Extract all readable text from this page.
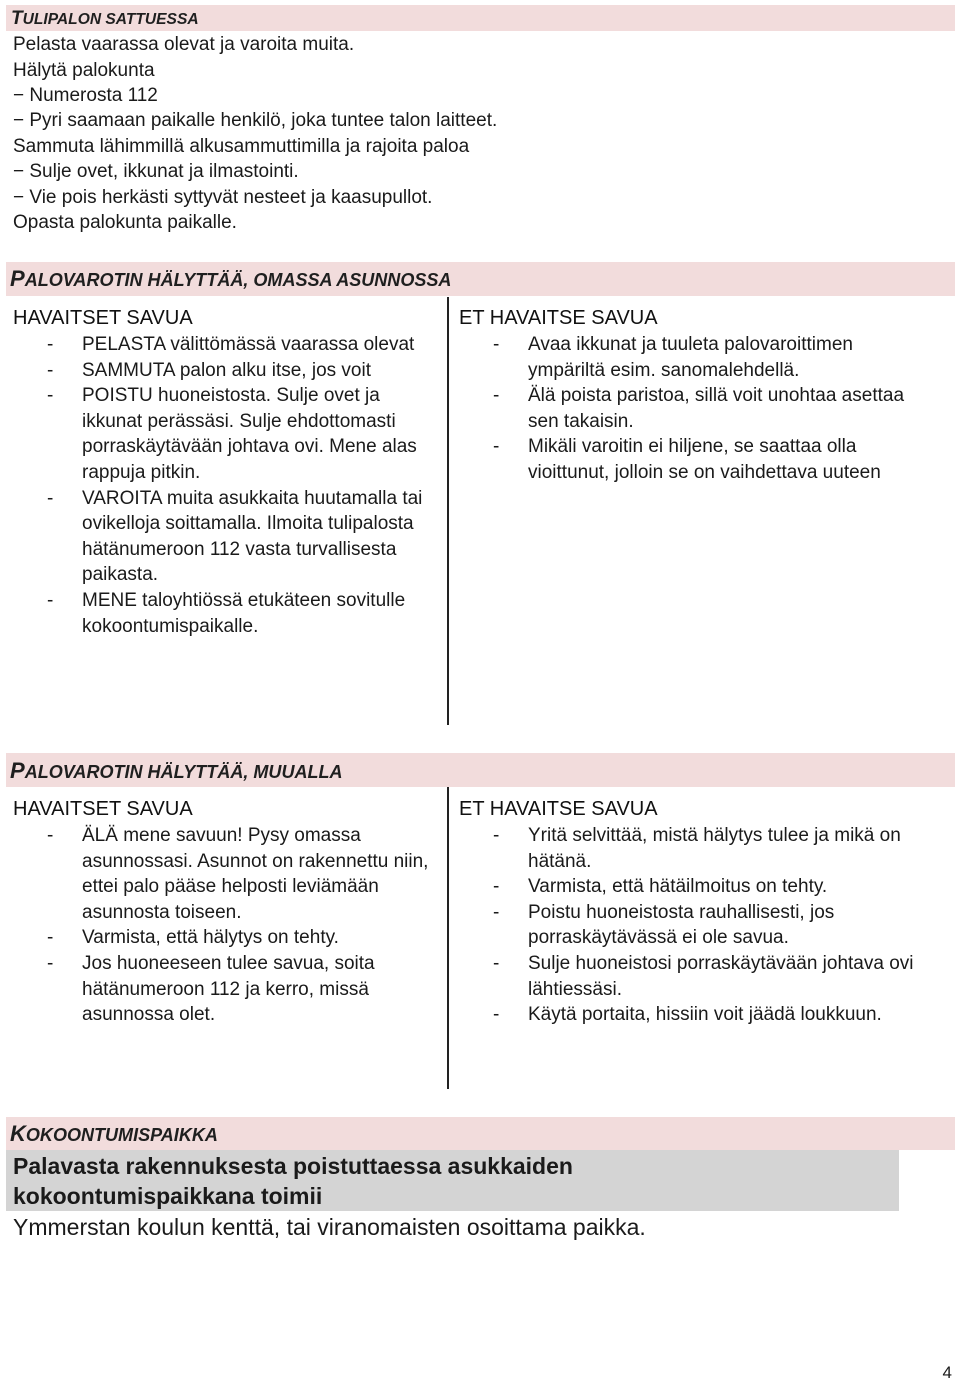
TULIPALON SATTUESSA
Pelasta vaarassa olevat ja varoita muita.
Hälytä palokunta
− Numerosta 112
− Pyri saamaan paikalle henkilö, joka tuntee talon laitteet.
Sammuta lähimmillä alkusammuttimilla ja rajoita paloa
− Sulje ovet, ikkunat ja ilmastointi.
− Vie pois herkästi syttyvät nesteet ja kaasupullot.
Opasta palokunta paikalle.
PALOVAROTIN HÄLYTTÄÄ, OMASSA ASUNNOSSA
HAVAITSET SAVUA
- PELASTA välittömässä vaarassa olevat
- SAMMUTA palon alku itse, jos voit
- POISTU huoneistosta. Sulje ovet ja ikkunat perässäsi. Sulje ehdottomasti porraskäytävään johtava ovi. Mene alas rappuja pitkin.
- VAROITA muita asukkaita huutamalla tai ovikelloja soittamalla. Ilmoita tulipalosta hätänumeroon 112 vasta turvallisesta paikasta.
- MENE taloyhtiössä etukäteen sovitulle kokoontumispaikalle.
ET HAVAITSE SAVUA
- Avaa ikkunat ja tuuleta palovaroittimen ympäriltä esim. sanomalehdellä.
- Älä poista paristoa, sillä voit unohtaa asettaa sen takaisin.
- Mikäli varoitin ei hiljene, se saattaa olla vioittunut, jolloin se on vaihdettava uuteen
PALOVAROTIN HÄLYTTÄÄ, MUUALLA
HAVAITSET SAVUA
- ÄLÄ mene savuun! Pysy omassa asunnossasi. Asunnot on rakennettu niin, ettei palo pääse helposti leviämään asunnosta toiseen.
- Varmista, että hälytys on tehty.
- Jos huoneeseen tulee savua, soita hätänumeroon 112 ja kerro, missä asunnossa olet.
ET HAVAITSE SAVUA
- Yritä selvittää, mistä hälytys tulee ja mikä on hätänä.
- Varmista, että hätäilmoitus on tehty.
- Poistu huoneistosta rauhallisesti, jos porraskäytävässä ei ole savua.
- Sulje huoneistosi porraskäytävään johtava ovi lähtiessäsi.
- Käytä portaita, hissiin voit jäädä loukkuun.
KOKOONTUMISPAIKKA
Palavasta rakennuksesta poistuttaessa asukkaiden
kokoontumispaikkana toimii
Ymmerstan koulun kenttä, tai viranomaisten osoittama paikka.
4
